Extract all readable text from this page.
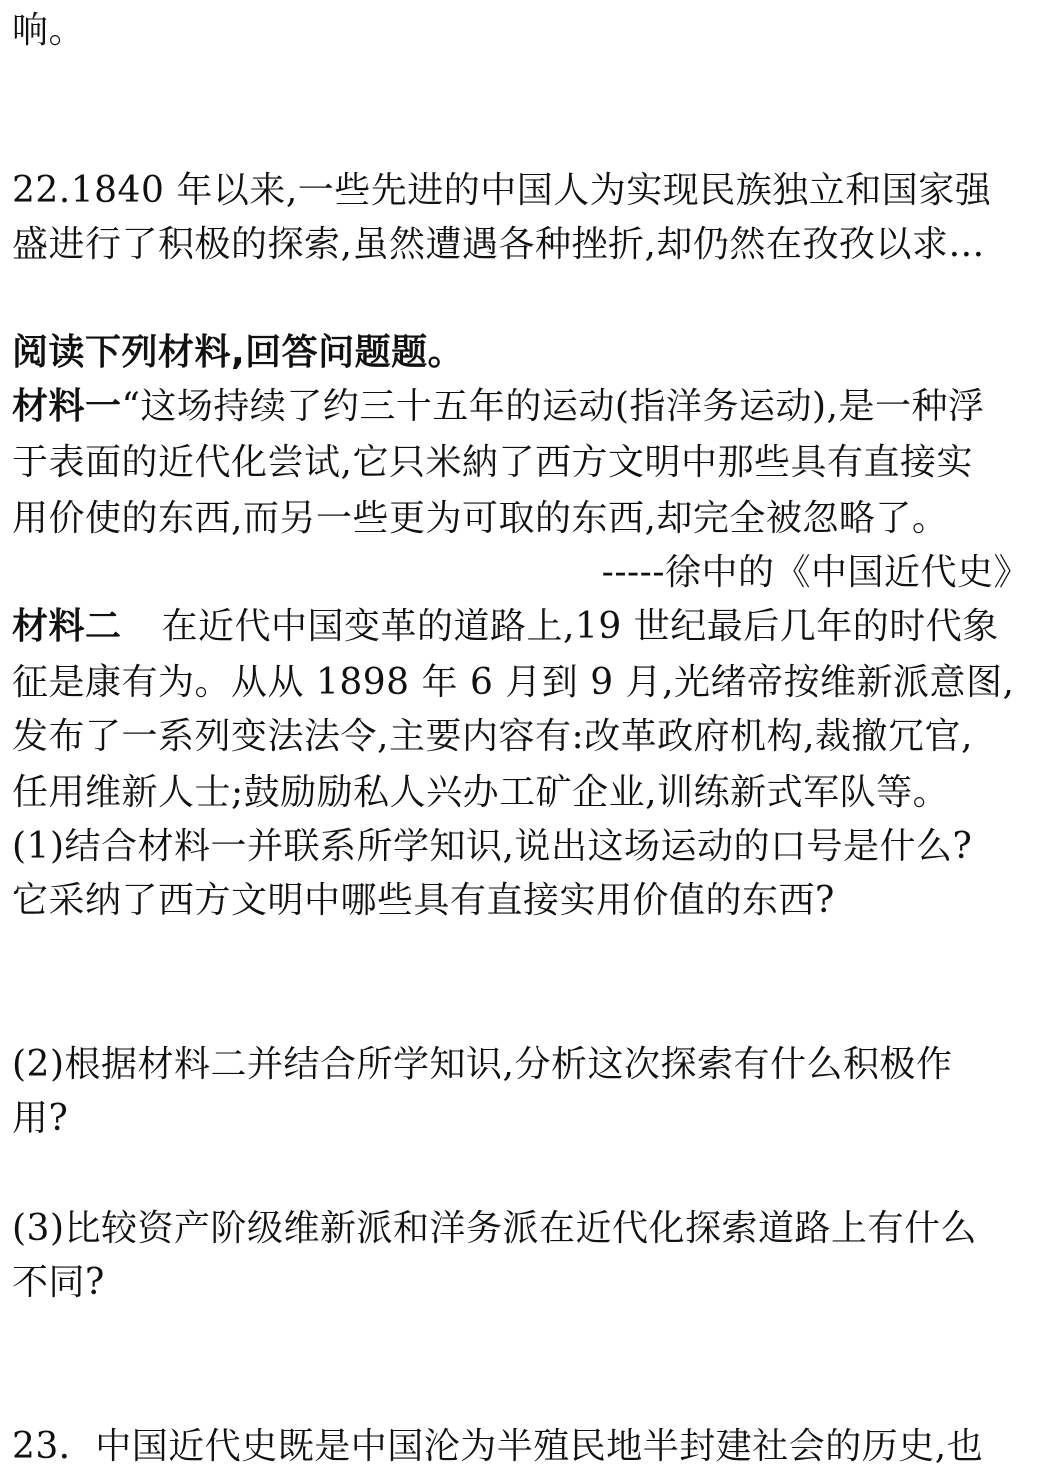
响。
22.1840 年以来,一些先进的中国人为实现民族独立和国家强
盛进行了积极的探索,虽然遭遇各种挫折,却仍然在孜孜以求…
阅读下列材料,回答问题题。
材料一“这场持续了约三十五年的运动(指洋务运动),是一种浮
于表面的近代化尝试,它只米納了西方文明中那些具有直接实
用价使的东西,而另一些更为可取的东西,却完全被忽略了。
-----徐中的《中国近代史》
材料二 在近代中国变革的道路上,19 世纪最后几年的时代象
征是康有为。从从 1898 年 6 月到 9 月,光绪帝按维新派意图,
发布了一系列变法法令,主要内容有:改革政府机构,裁撤冗官,
任用维新人士;鼓励励私人兴办工矿企业,训练新式军队等。
(1)结合材料一并联系所学知识,说出这场运动的口号是什么?
它采纳了西方文明中哪些具有直接实用价值的东西?
(2)根据材料二并结合所学知识,分析这次探索有什么积极作
用?
(3)比较资产阶级维新派和洋务派在近代化探索道路上有什么
不同?
23．中国近代史既是中国沦为半殖民地半封建社会的历史,也
